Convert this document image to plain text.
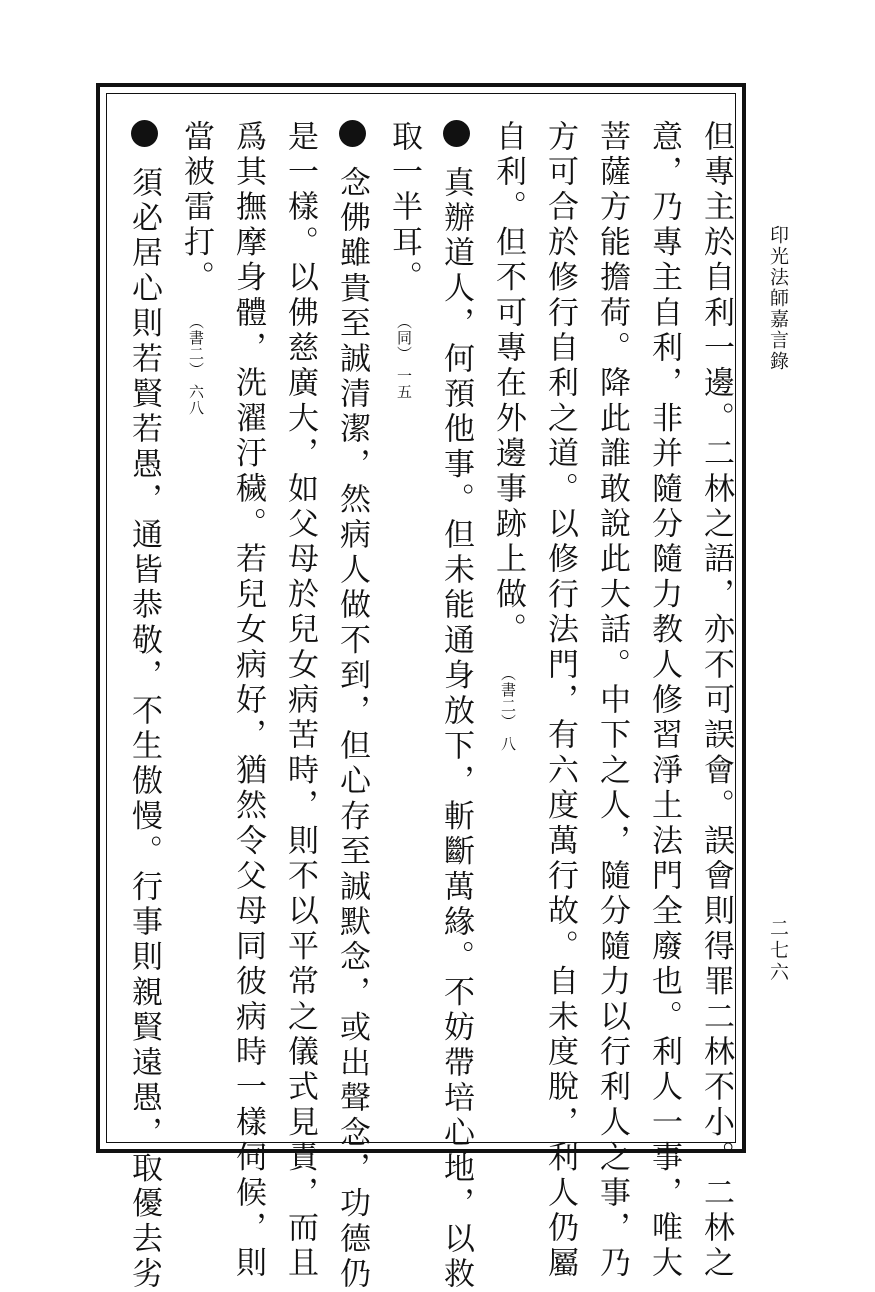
印光法師嘉言錄
二七六
但專主於自利一邊。二林之語，亦不可誤會。誤會則得罪二林不小。二林之
意，乃專主自利，非并隨分隨力教人修習淨土法門全廢也。利人一事，唯大
菩薩方能擔荷。降此誰敢說此大話。中下之人，隨分隨力以行利人之事，乃
方可合於修行自利之道。以修行法門，有六度萬行故。自未度脫，利人仍屬
自利。但不可專在外邊事跡上做。 （書二） 八
真辦道人，何預他事。但未能通身放下，斬斷萬緣。不妨帶培心地，以救
取一半耳。 （同） 一五
念佛雖貴至誠清潔，然病人做不到，但心存至誠默念，或出聲念，功德仍
是一樣。以佛慈廣大，如父母於兒女病苦時，則不以平常之儀式見責，而且
爲其撫摩身體，洗濯汙穢。若兒女病好，猶然令父母同彼病時一樣伺候，則
當被雷打。 （書二） 六八
須必居心則若賢若愚，通皆恭敬，不生傲慢。行事則親賢遠愚，取優去劣
